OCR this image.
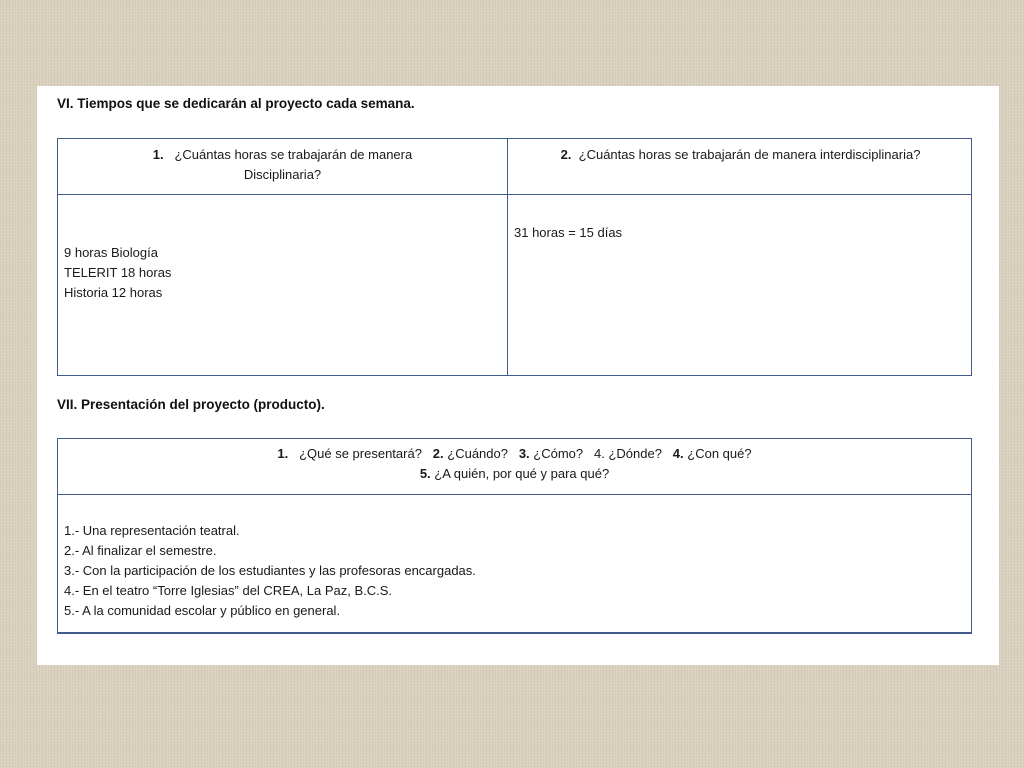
VI. Tiempos que se dedicarán al proyecto cada semana.
1. ¿Cuántas horas se trabajarán de manera
Disciplinaria?
2. ¿Cuántas horas se trabajarán de manera interdisciplinaria?
9 horas Biología
TELERIT 18 horas
Historia 12 horas
31 horas = 15 días
VII. Presentación del proyecto (producto).
1. ¿Qué se presentará? 2. ¿Cuándo? 3. ¿Cómo? 4. ¿Dónde? 4. ¿Con qué?
5. ¿A quién, por qué y para qué?
1.- Una representación teatral.
2.- Al finalizar el semestre.
3.- Con la participación de los estudiantes y las profesoras encargadas.
4.- En el teatro “Torre Iglesias” del CREA, La Paz, B.C.S.
5.- A la comunidad escolar y público en general.
